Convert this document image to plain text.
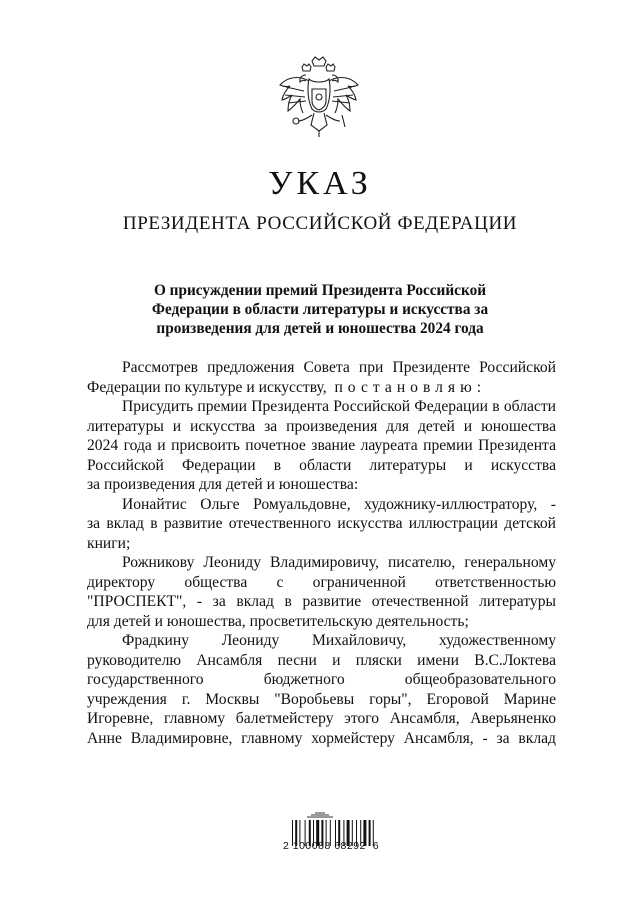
УКАЗ
ПРЕЗИДЕНТА РОССИЙСКОЙ ФЕДЕРАЦИИ
О присуждении премий Президента Российской
Федерации в области литературы и искусства за
произведения для детей и юношества 2024 года
Рассмотрев предложения Совета при Президенте Российской
Федерации по культуре и искусству, постановляю:
Присудить премии Президента Российской Федерации в области
литературы и искусства за произведения для детей и юношества
2024 года и присвоить почетное звание лауреата премии Президента
Российской Федерации в области литературы и искусства
за произведения для детей и юношества:
Ионайтис Ольге Ромуальдовне, художнику-иллюстратору, -
за вклад в развитие отечественного искусства иллюстрации детской
книги;
Рожникову Леониду Владимировичу, писателю, генеральному
директору общества с ограниченной ответственностью
"ПРОСПЕКТ", - за вклад в развитие отечественной литературы
для детей и юношества, просветительскую деятельность;
Фрадкину Леониду Михайловичу, художественному
руководителю Ансамбля песни и пляски имени В.С.Локтева
государственного бюджетного общеобразовательного
учреждения г. Москвы "Воробьевы горы", Егоровой Марине
Игоревне, главному балетмейстеру этого Ансамбля, Аверьяненко
Анне Владимировне, главному хормейстеру Ансамбля, - за вклад
2 100088 68292  6
